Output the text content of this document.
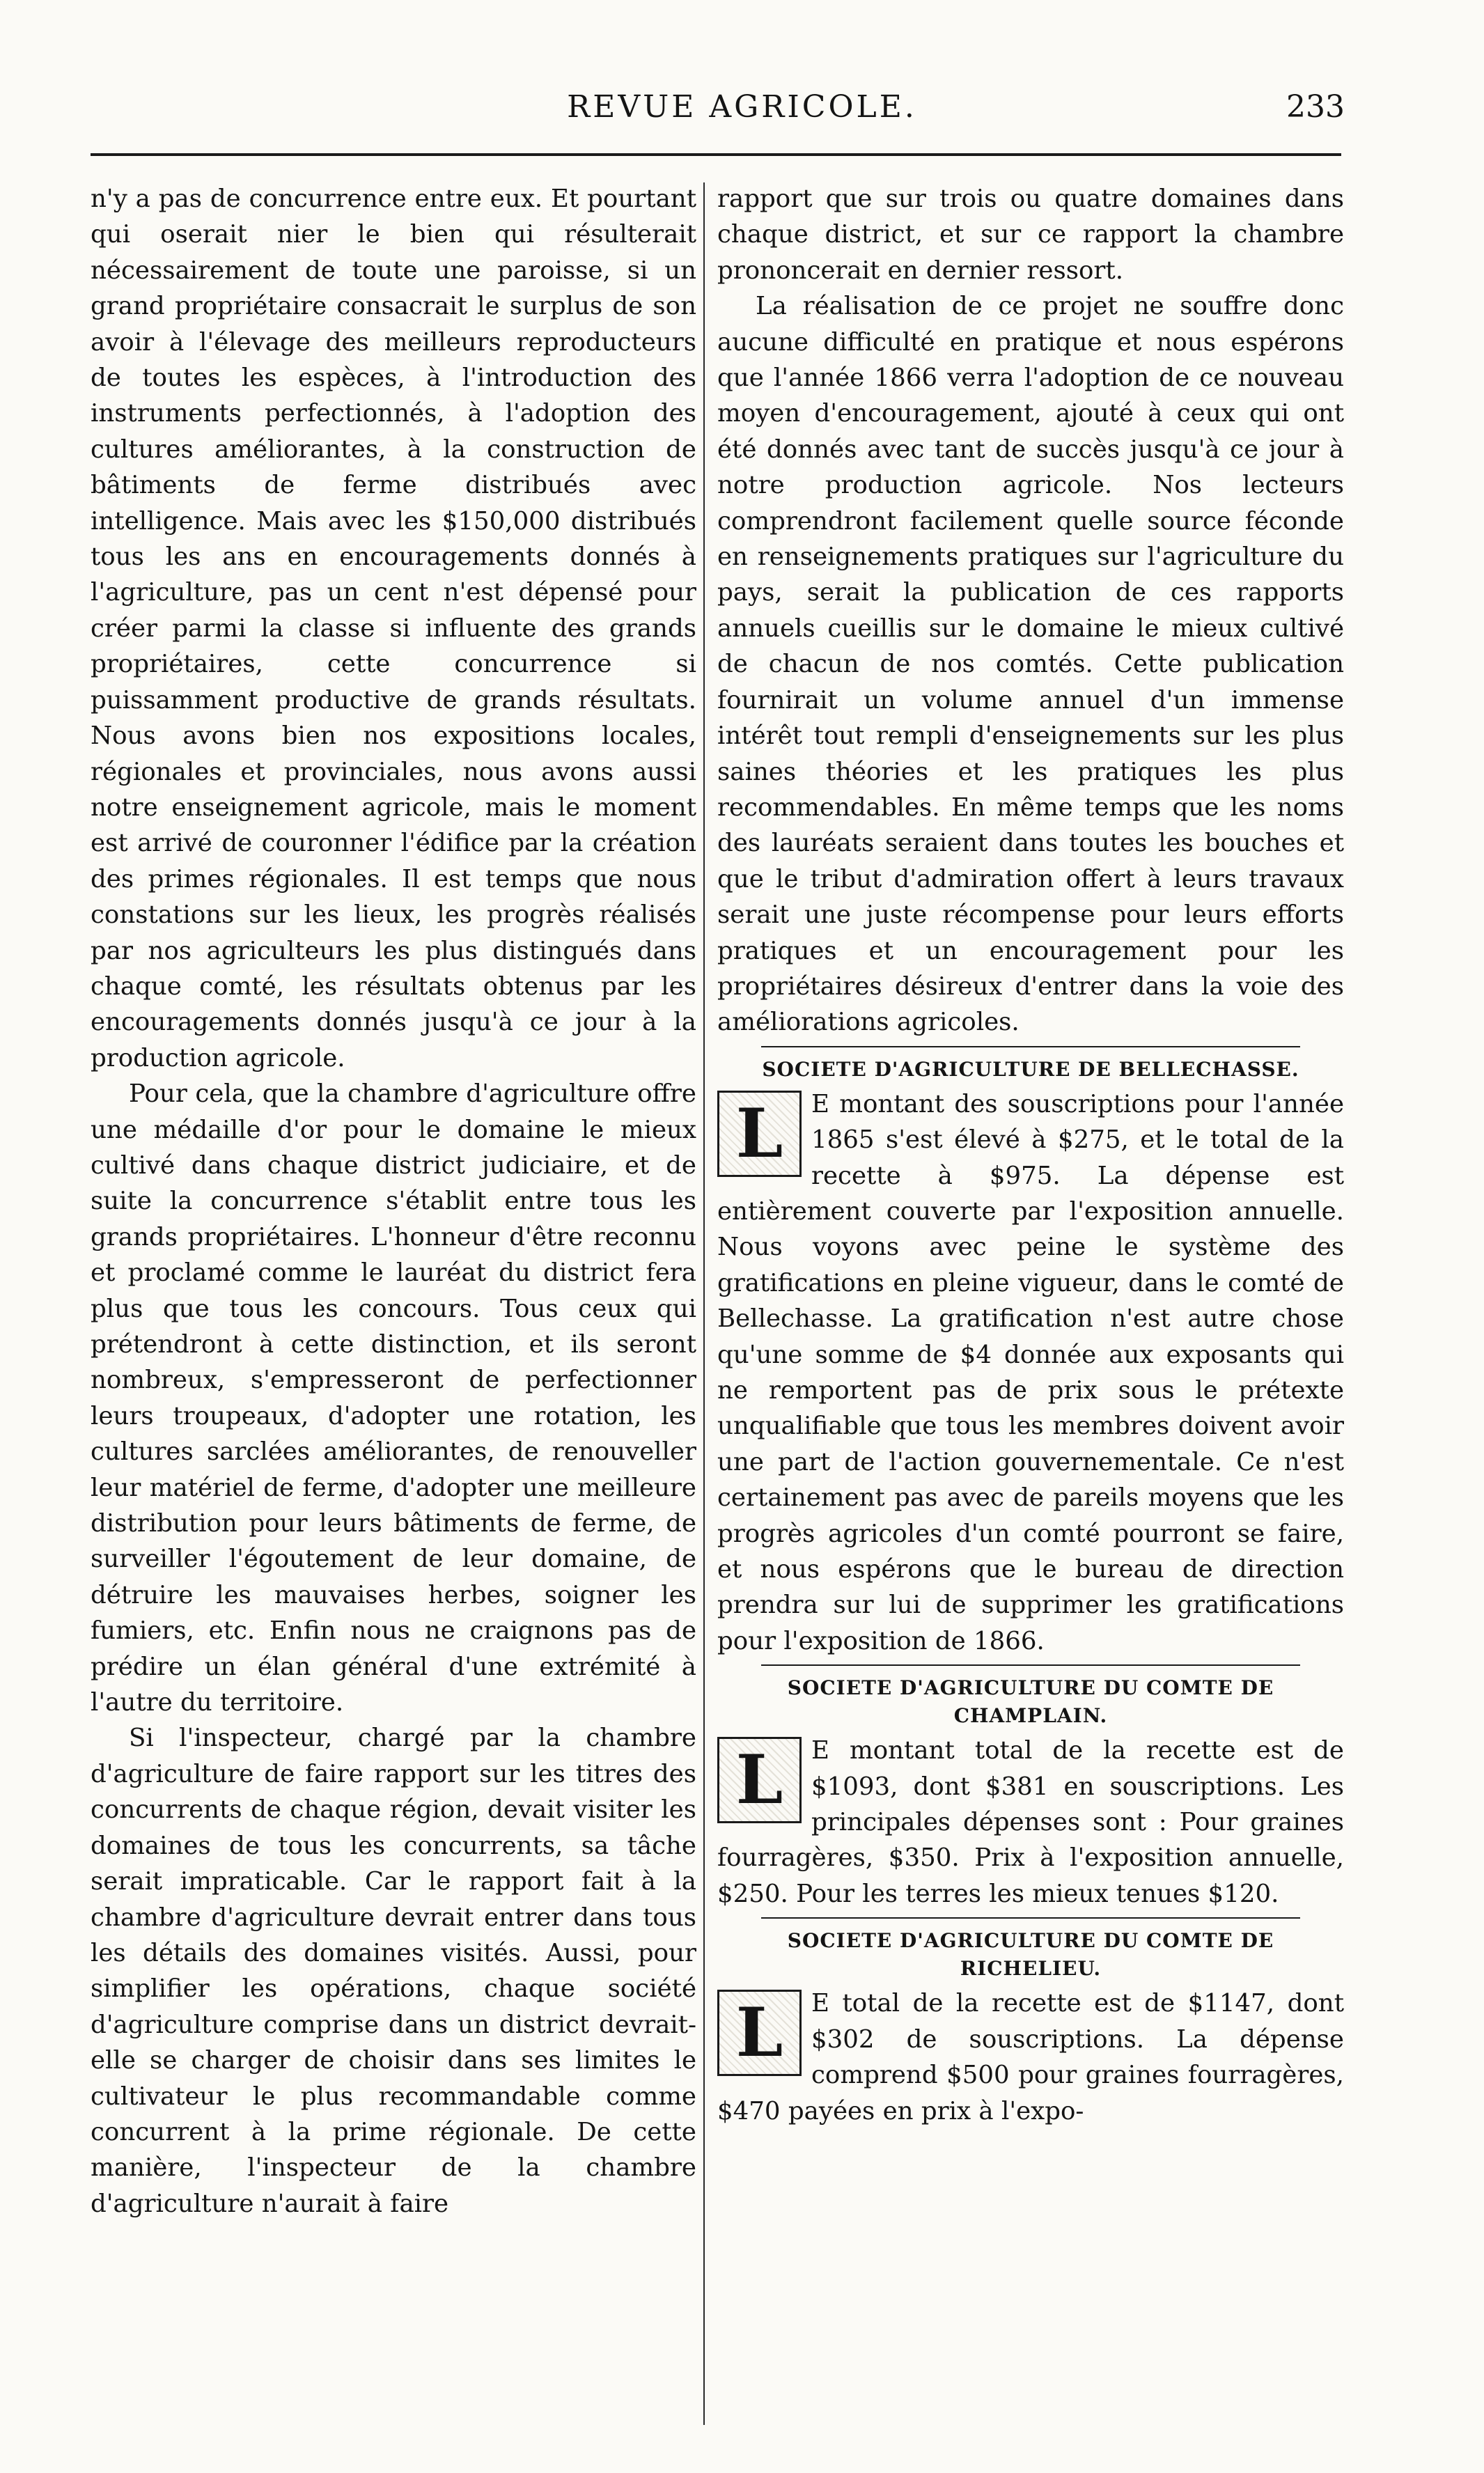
REVUE AGRICOLE.	233

n'y a pas de concurrence entre eux. Et pourtant qui oserait nier le bien qui résulterait nécessairement de toute une paroisse, si un grand propriétaire consacrait le surplus de son avoir à l'élevage des meilleurs reproducteurs de toutes les espèces, à l'introduction des instruments perfectionnés, à l'adoption des cultures améliorantes, à la construction de bâtiments de ferme distribués avec intelligence. Mais avec les $150,000 distribués tous les ans en encouragements donnés à l'agriculture, pas un cent n'est dépensé pour créer parmi la classe si influente des grands propriétaires, cette concurrence si puissamment productive de grands résultats. Nous avons bien nos expositions locales, régionales et provinciales, nous avons aussi notre enseignement agricole, mais le moment est arrivé de couronner l'édifice par la création des primes régionales. Il est temps que nous constations sur les lieux, les progrès réalisés par nos agriculteurs les plus distingués dans chaque comté, les résultats obtenus par les encouragements donnés jusqu'à ce jour à la production agricole.

Pour cela, que la chambre d'agriculture offre une médaille d'or pour le domaine le mieux cultivé dans chaque district judiciaire, et de suite la concurrence s'établit entre tous les grands propriétaires. L'honneur d'être reconnu et proclamé comme le lauréat du district fera plus que tous les concours. Tous ceux qui prétendront à cette distinction, et ils seront nombreux, s'empresseront de perfectionner leurs troupeaux, d'adopter une rotation, les cultures sarclées améliorantes, de renouveller leur matériel de ferme, d'adopter une meilleure distribution pour leurs bâtiments de ferme, de surveiller l'égoutement de leur domaine, de détruire les mauvaises herbes, soigner les fumiers, etc. Enfin nous ne craignons pas de prédire un élan général d'une extrémité à l'autre du territoire.

Si l'inspecteur, chargé par la chambre d'agriculture de faire rapport sur les titres des concurrents de chaque région, devait visiter les domaines de tous les concurrents, sa tâche serait impraticable. Car le rapport fait à la chambre d'agriculture devrait entrer dans tous les détails des domaines visités. Aussi, pour simplifier les opérations, chaque société d'agriculture comprise dans un district devrait-elle se charger de choisir dans ses limites le cultivateur le plus recommandable comme concurrent à la prime régionale. De cette manière, l'inspecteur de la chambre d'agriculture n'aurait à faire

rapport que sur trois ou quatre domaines dans chaque district, et sur ce rapport la chambre prononcerait en dernier ressort.

La réalisation de ce projet ne souffre donc aucune difficulté en pratique et nous espérons que l'année 1866 verra l'adoption de ce nouveau moyen d'encouragement, ajouté à ceux qui ont été donnés avec tant de succès jusqu'à ce jour à notre production agricole. Nos lecteurs comprendront facilement quelle source féconde en renseignements pratiques sur l'agriculture du pays, serait la publication de ces rapports annuels cueillis sur le domaine le mieux cultivé de chacun de nos comtés. Cette publication fournirait un volume annuel d'un immense intérêt tout rempli d'enseignements sur les plus saines théories et les pratiques les plus recommendables. En même temps que les noms des lauréats seraient dans toutes les bouches et que le tribut d'admiration offert à leurs travaux serait une juste récompense pour leurs efforts pratiques et un encouragement pour les propriétaires désireux d'entrer dans la voie des améliorations agricoles.

SOCIETE D'AGRICULTURE DE BELLECHASSE.
L	E montant des souscriptions pour l'année 1865 s'est élevé à $275, et le total de la recette à $975. La dépense est entièrement couverte par l'exposition annuelle. Nous voyons avec peine le système des gratifications en pleine vigueur, dans le comté de Bellechasse. La gratification n'est autre chose qu'une somme de $4 donnée aux exposants qui ne remportent pas de prix sous le prétexte unqualifiable que tous les membres doivent avoir une part de l'action gouvernementale. Ce n'est certainement pas avec de pareils moyens que les progrès agricoles d'un comté pourront se faire, et nous espérons que le bureau de direction prendra sur lui de supprimer les gratifications pour l'exposition de 1866.

SOCIETE D'AGRICULTURE DU COMTE DE CHAMPLAIN.
L	E montant total de la recette est de $1093, dont $381 en souscriptions. Les principales dépenses sont : Pour graines fourragères, $350. Prix à l'exposition annuelle, $250. Pour les terres les mieux tenues $120.

SOCIETE D'AGRICULTURE DU COMTE DE RICHELIEU.
L	E total de la recette est de $1147, dont $302 de souscriptions. La dépense comprend $500 pour graines fourragères, $470 payées en prix à l'expo-
